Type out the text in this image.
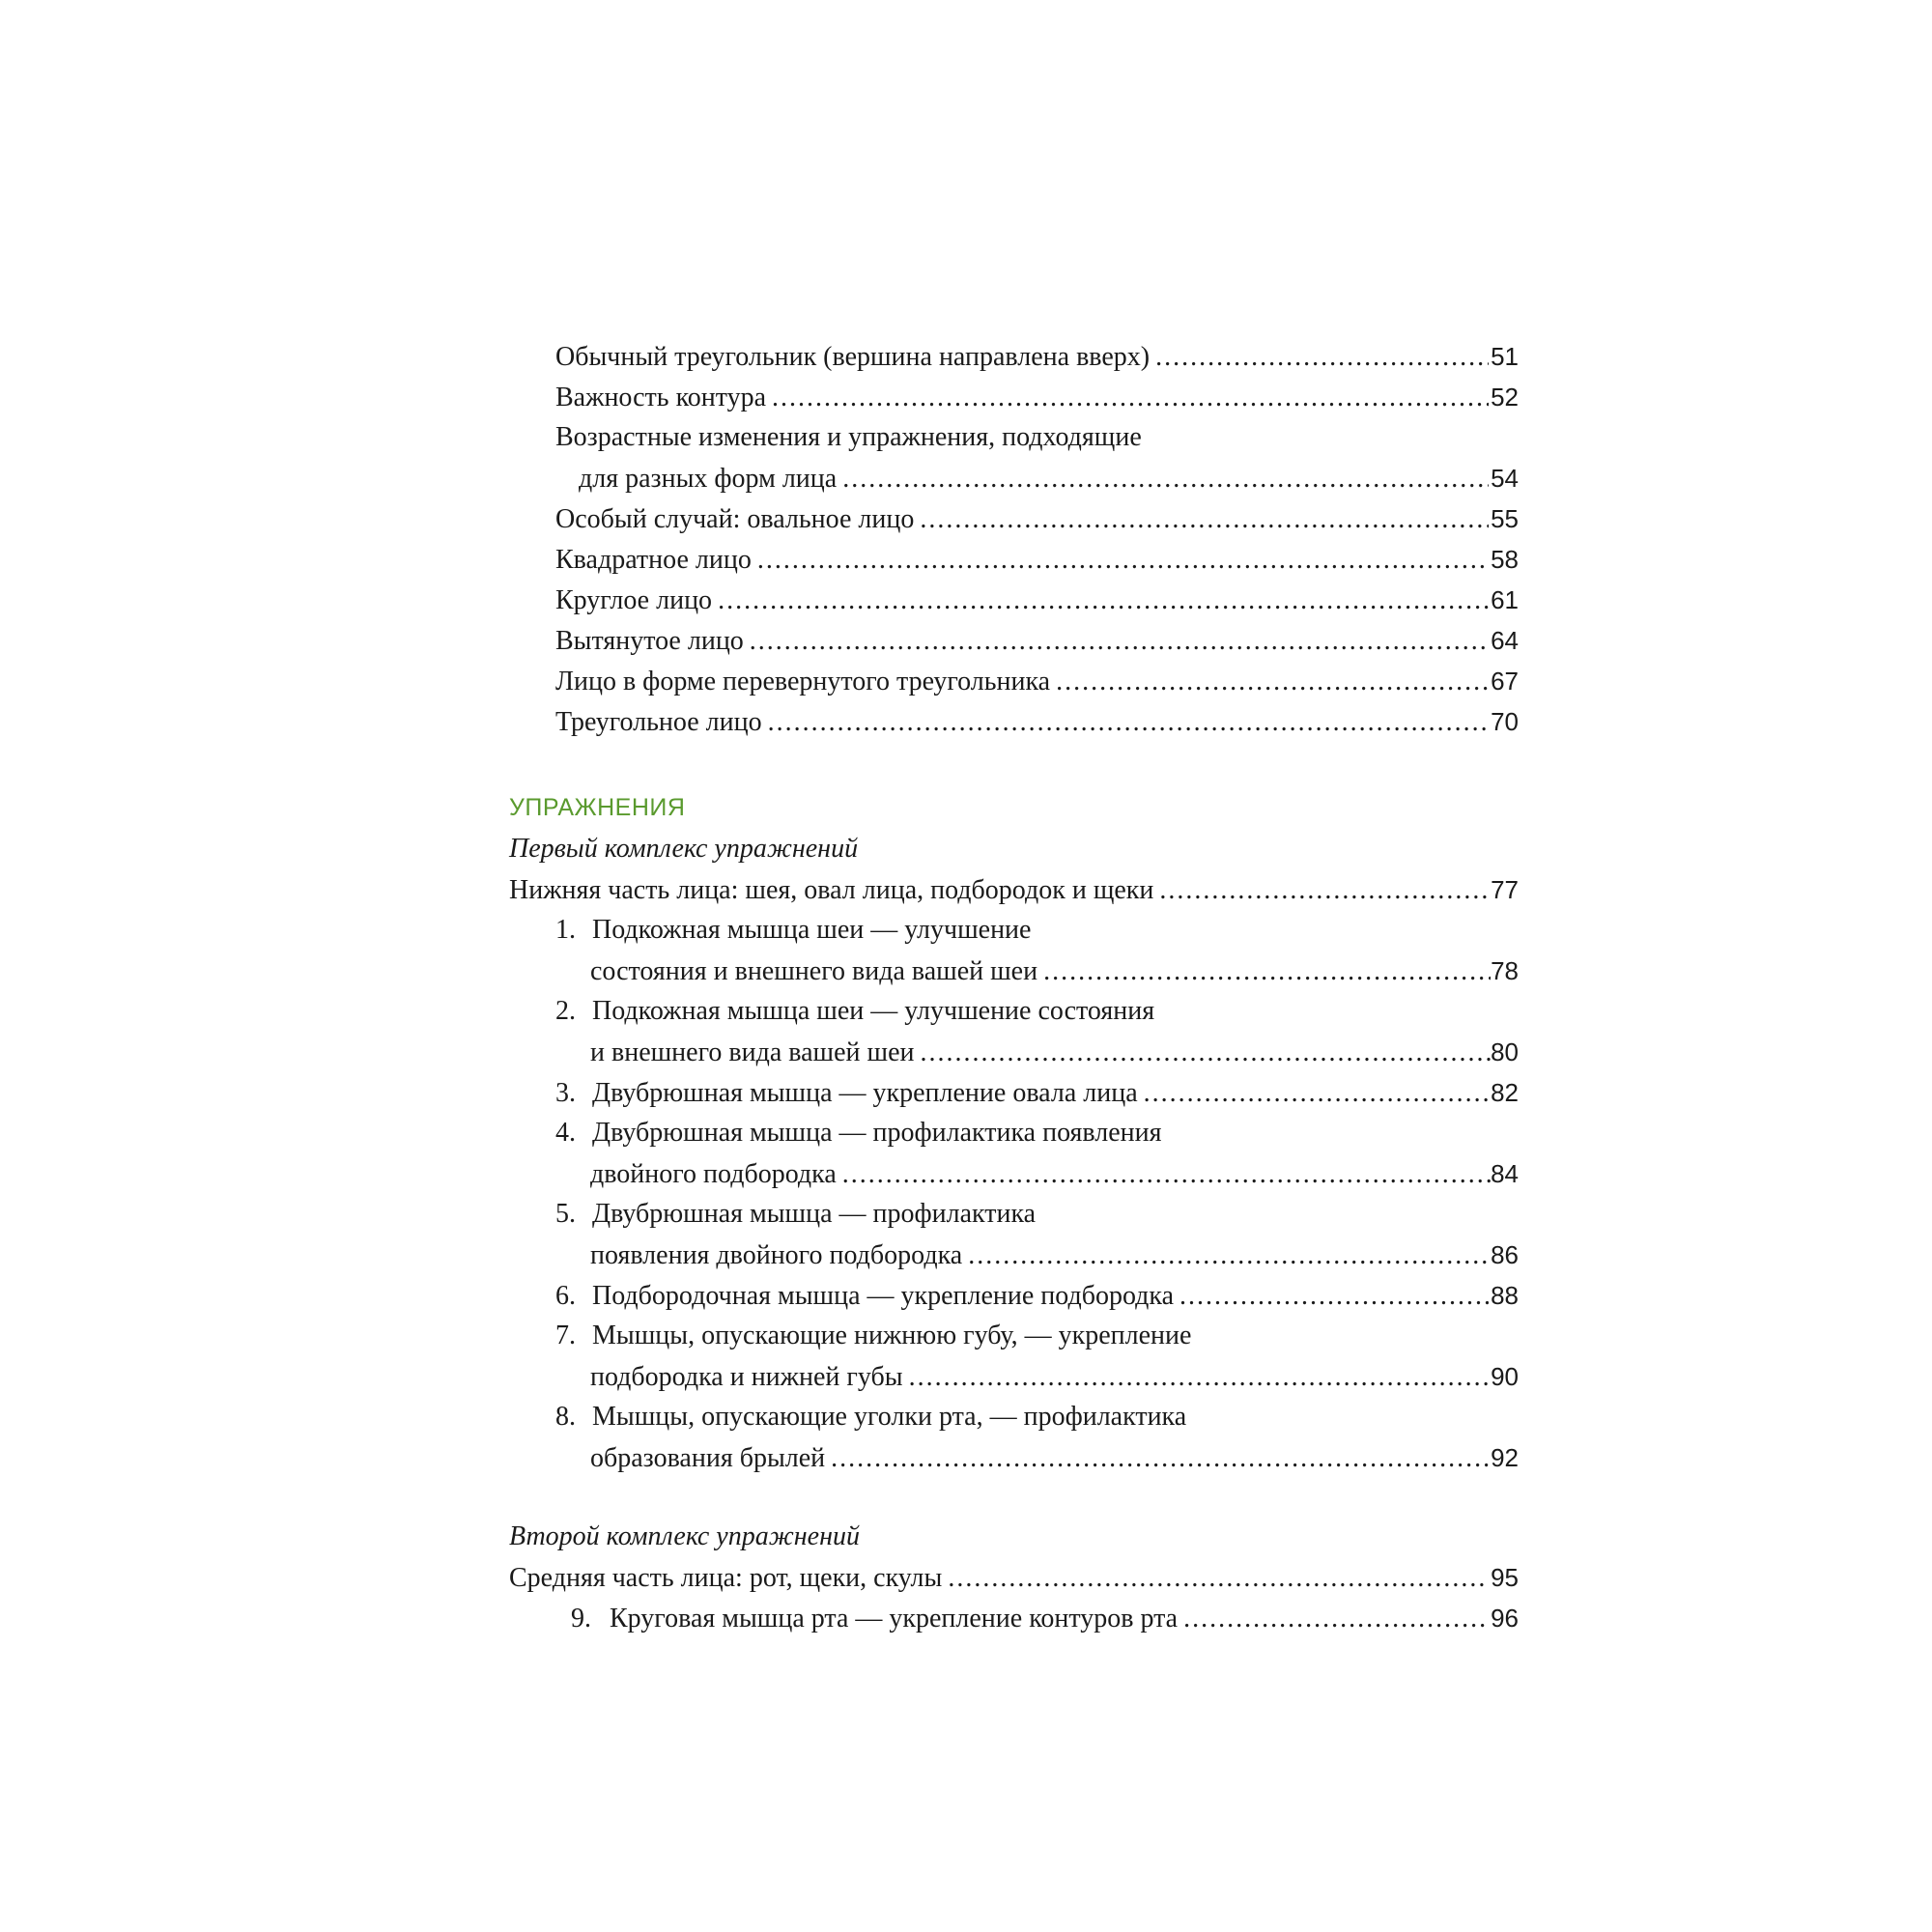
Обычный треугольник (вершина направлена вверх) .....	51
Важность контура .....	52
Возрастные изменения и упражнения, подходящие
для разных форм лица .....	54
Особый случай: овальное лицо .....	55
Квадратное лицо .....	58
Круглое лицо .....	61
Вытянутое лицо .....	64
Лицо в форме перевернутого треугольника .....	67
Треугольное лицо .....	70
УПРАЖНЕНИЯ
Первый комплекс упражнений
Нижняя часть лица: шея, овал лица, подбородок и щеки .....	77
1. Подкожная мышца шеи — улучшение
состояния и внешнего вида вашей шеи .....	78
2. Подкожная мышца шеи — улучшение состояния
и внешнего вида вашей шеи .....	80
3. Двубрюшная мышца — укрепление овала лица .....	82
4. Двубрюшная мышца — профилактика появления
двойного подбородка .....	84
5. Двубрюшная мышца — профилактика
появления двойного подбородка .....	86
6. Подбородочная мышца — укрепление подбородка .....	88
7. Мышцы, опускающие нижнюю губу, — укрепление
подбородка и нижней губы .....	90
8. Мышцы, опускающие уголки рта, — профилактика
образования брылей .....	92
Второй комплекс упражнений
Средняя часть лица: рот, щеки, скулы .....	95
9. Круговая мышца рта — укрепление контуров рта .....	96
